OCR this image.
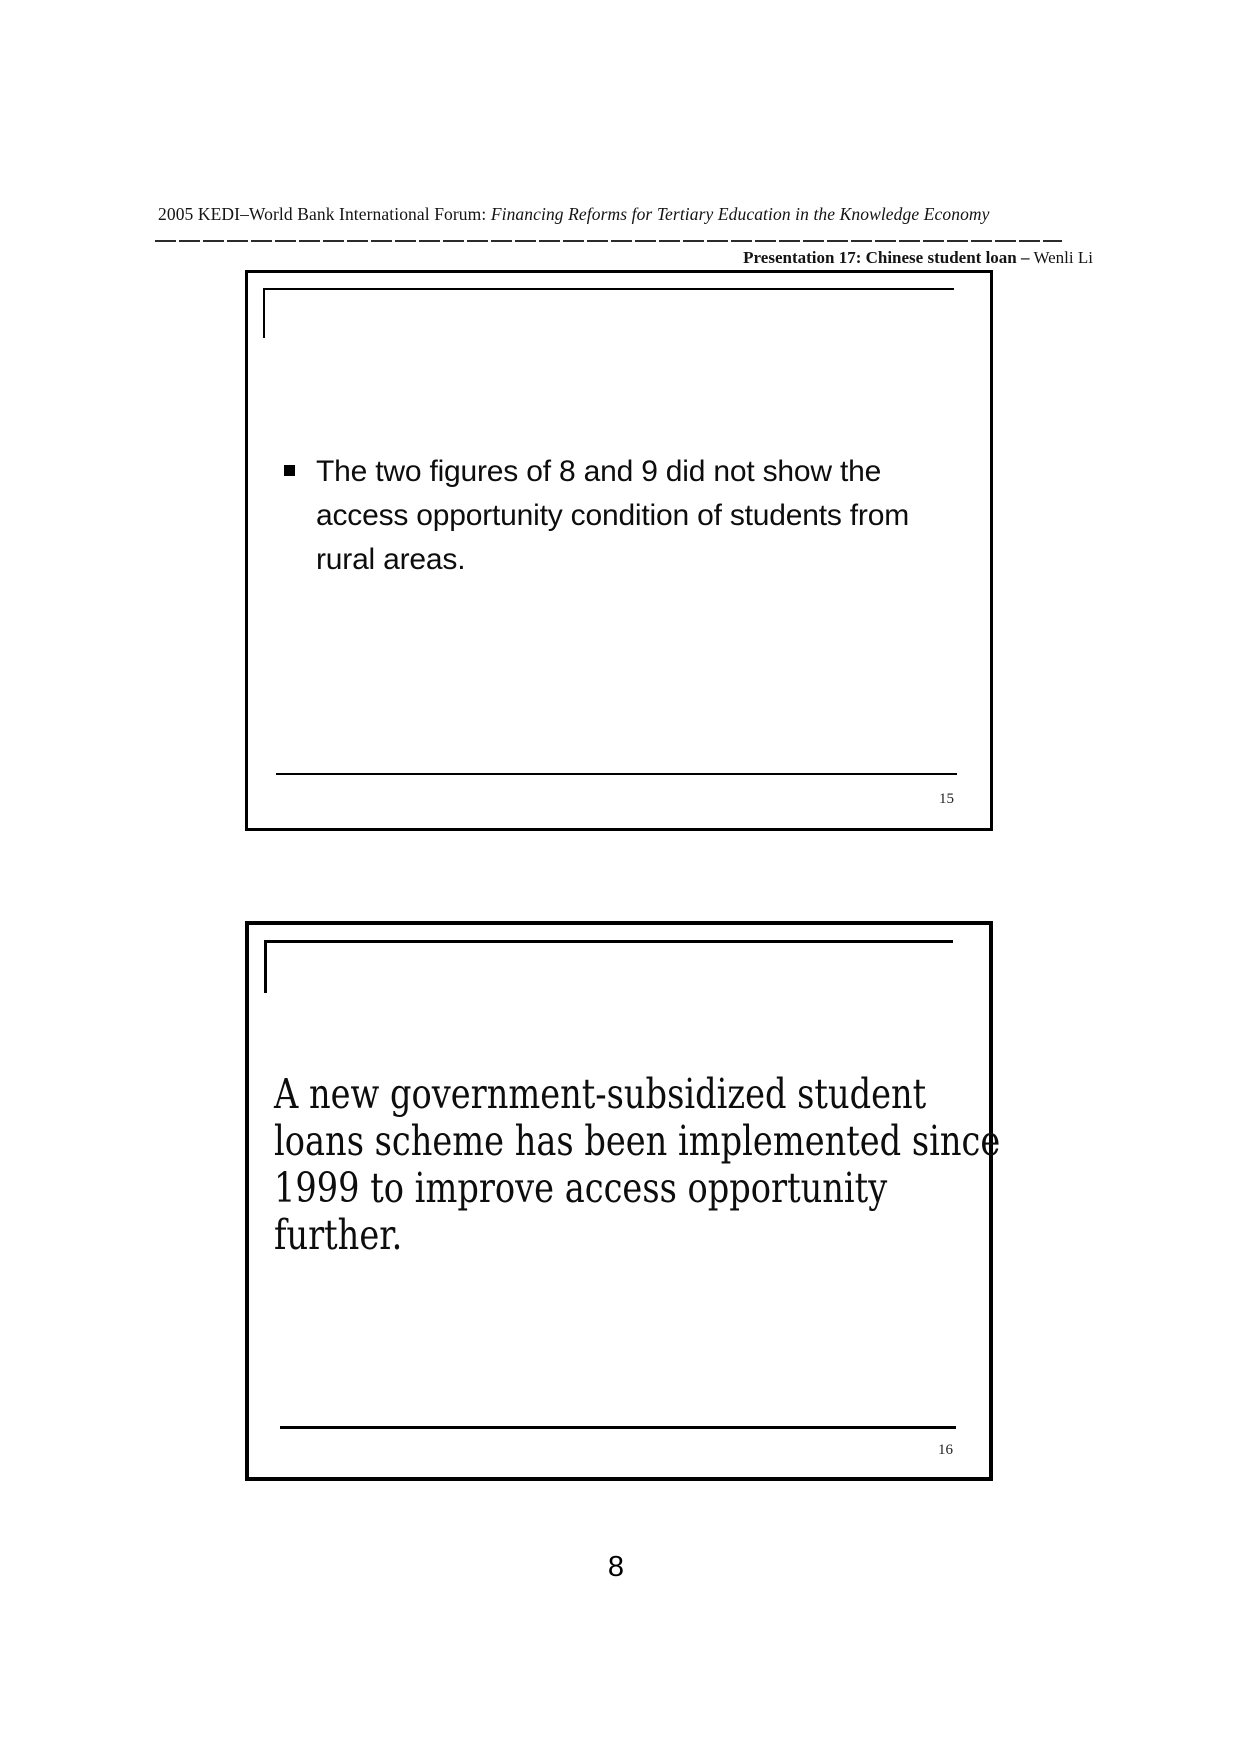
2005 KEDI–World Bank International Forum: Financing Reforms for Tertiary Education in the Knowledge Economy
Presentation 17: Chinese student loan – Wenli Li
The two figures of 8 and 9 did not show the
access opportunity condition of students from
rural areas.
15
A new government-subsidized student
loans scheme has been implemented since
1999 to improve access opportunity
further.
16
8
